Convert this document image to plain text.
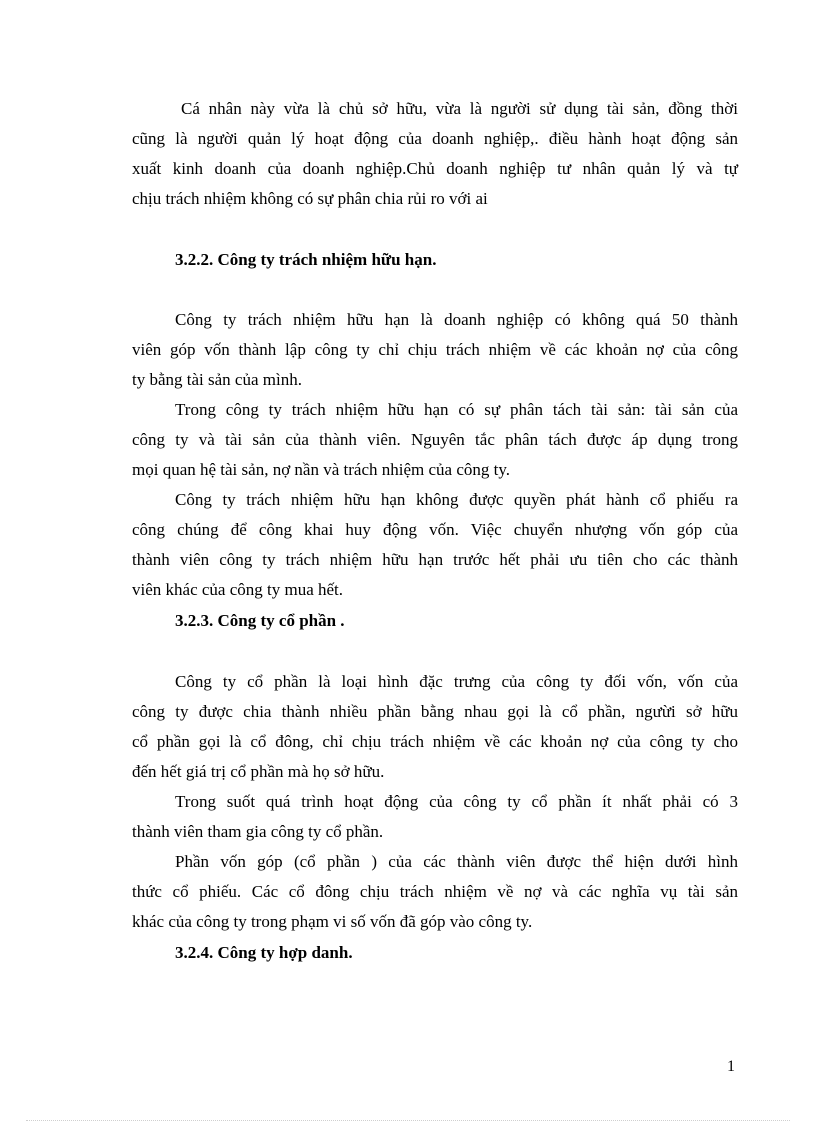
Cá nhân này vừa là chủ sở hữu, vừa là người sử dụng tài sản, đồng thời
cũng là người quản lý hoạt động của doanh nghiệp,. điều hành hoạt động sản
xuất kinh doanh của doanh nghiệp.Chủ doanh nghiệp tư nhân quản lý và tự
chịu trách nhiệm không có sự phân chia rủi ro với ai
3.2.2. Công ty trách nhiệm hữu hạn.
Công ty trách nhiệm hữu hạn là doanh nghiệp có không quá 50 thành
viên góp vốn thành lập công ty chỉ chịu trách nhiệm về các khoản nợ của công
ty bằng tài sản của mình.
Trong công ty trách nhiệm hữu hạn có sự phân tách tài sản: tài sản của
công ty và tài sản của thành viên. Nguyên tắc phân tách được áp dụng trong
mọi quan hệ tài sản, nợ nần và trách nhiệm của công ty.
Công ty trách nhiệm hữu hạn không được quyền phát hành cổ phiếu ra
công chúng để công khai huy động vốn. Việc chuyển nhượng vốn góp của
thành viên công ty trách nhiệm hữu hạn trước hết phải ưu tiên cho các thành
viên khác của công ty mua hết.
3.2.3. Công ty cổ phần .
Công ty cổ phần là loại hình đặc trưng của công ty đối vốn, vốn của
công ty được chia thành nhiều phần bằng nhau gọi là cổ phần, ngưừi sở hữu
cổ phần gọi là cổ đông, chỉ chịu trách nhiệm về các khoản nợ của công ty cho
đến hết giá trị cổ phần mà họ sở hữu.
Trong suốt quá trình hoạt động của công ty cổ phần ít nhất phải có 3
thành viên tham gia công ty cổ phần.
Phần vốn góp (cổ phần ) của các thành viên được thể hiện dưới hình
thức cổ phiếu. Các cổ đông chịu trách nhiệm về nợ và các nghĩa vụ tài sản
khác của công ty trong phạm vi số vốn đã góp vào công ty.
3.2.4. Công ty hợp danh.
1
